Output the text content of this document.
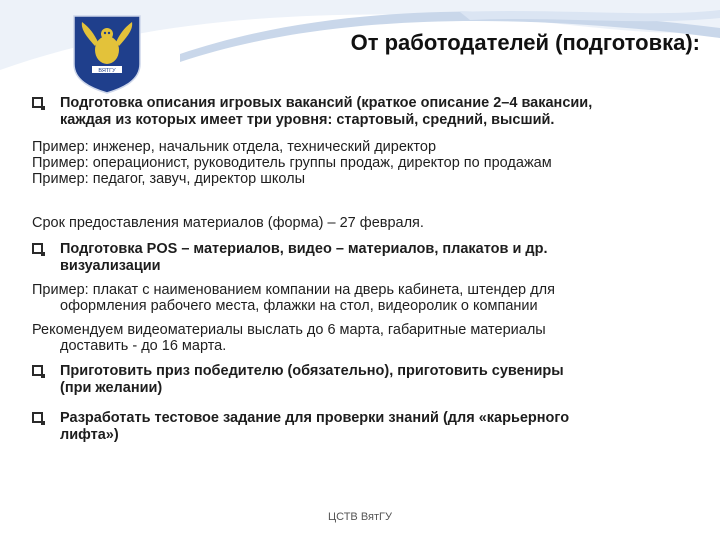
ВЯТГУ
От работодателей (подготовка):
Подготовка описания игровых вакансий (краткое описание 2–4 вакансии,
каждая из которых имеет три уровня: стартовый, средний, высший.
Пример: инженер, начальник отдела, технический директор
Пример: операционист, руководитель группы продаж, директор по продажам
Пример: педагог, завуч, директор школы
Срок предоставления материалов (форма) – 27 февраля.
Подготовка POS – материалов, видео – материалов, плакатов и др.
визуализации
Пример: плакат с наименованием компании на дверь кабинета, штендер для
оформления рабочего места, флажки на стол, видеоролик о компании
Рекомендуем видеоматериалы выслать до 6 марта, габаритные материалы
доставить - до 16 марта.
Приготовить приз победителю (обязательно), приготовить сувениры
(при желании)
Разработать тестовое задание для проверки знаний (для «карьерного
лифта»)
ЦСТВ ВятГУ
